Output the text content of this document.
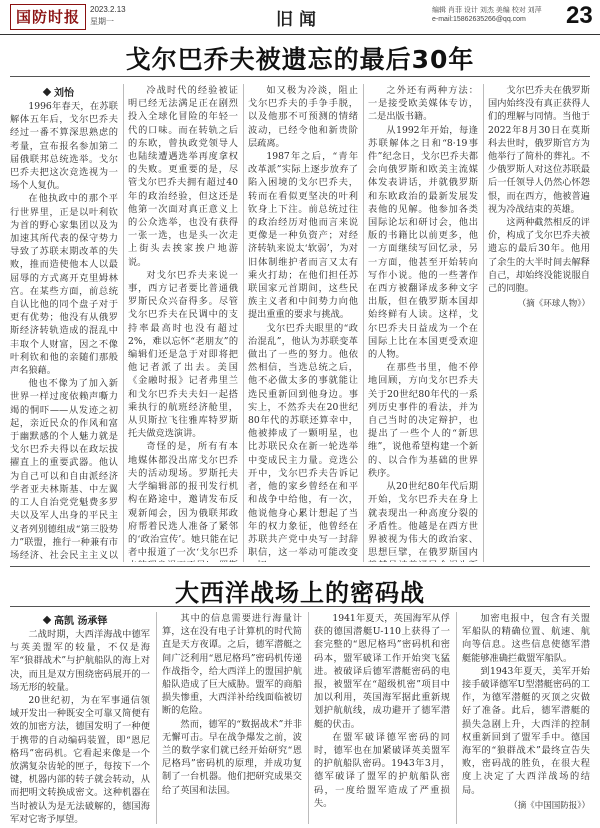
国防时报	2023.2.13
星期一	旧闻	编辑 肖菲 设计 刘杰 美编 校对 刘萍
e-mail:15862635266@qq.com 23
戈尔巴乔夫被遗忘的最后30年
刘怡

1996年春天，在苏联解体五年后，戈尔巴乔夫经过一番不算深思熟虑的考量，宣布报名参加第二届俄联邦总统选举。戈尔巴乔夫把这次竞选视为一场个人复仇。

在他执政中的那个平行世界里，正是以叶利钦为首的野心家集团以及为加速其所代表的保守势力导致了苏联末期改革的失败，推而造使他本人以最屈辱的方式离开克里姆林宫。在某些方面，前总统自认比他的同个盘子对于更有优势；他没有从俄罗斯经济转轨造成的混乱中丰取个人财富，因之不像叶利钦和他的亲随们那般声名狼藉。

他也不像为了加入新世界一样过度依赖声嘶力竭的恫吓——从发迹之初起，亲近民众的作风和富于幽默感的个人魅力就是戈尔巴乔夫得以在政坛拔擢直上的重要武器。他认为自己可以和自由派经济学者亚夫林斯基、中左翼的工人自治党党魁费多罗夫以及军人出身的平民主义者列别德组成“第三股势力”联盟，推行一种兼有市场经济、社会民主主义以

冷战时代的经验被证明已经无法满足正在剧烈投入全球化冒险的年轻一代的口味。而在转轨之后的东欧，曾执政党领导人也陆续遭遇选举再度拿权的失败。更重要的是，尽管戈尔巴乔夫拥有超过40年的政治经验，但这还是他第一次面对真正意义上的公众选举，也没有获得一张一选，也是头一次走上街头去挨家挨户地游说。

对戈尔巴乔夫来说一事，西方记者要比普通俄罗斯民众兴奋得多。尽管戈尔巴乔夫在民调中的支持率最高时也没有超过2%，难以忘怀“老朋友”的编辑们还是急于对即将把他记者派了出去。美国《金融时报》记者弗里兰和戈尔巴乔夫夫妇一起搭乘执行的航班经济舱里，从贝斯拉飞往雅库特罗斯托夫做竞选演讲。

奇怪的是，所有有本地媒体都没出席戈尔巴乔夫的活动现场。罗斯托夫大学编辑部的报刊发行机构在路途中，邀请发布反观新闻会，因为俄联邦政府帮着民选人准备了紧邻的‘政治宣传’。她只能在记者中报道了一次‘戈尔巴乔

如又极为冷淡，阻止戈尔巴乔夫的手争手脱，以及他那不可预测的情绪波动，已经令他和新贵阶层疏离。

1987年之后，“青年改革派”实际上逐步放弃了陷入困境的戈尔巴乔夫，转而在看似更坚决的叶利钦身上下注。前总统过往的政治经历对他而言来说更像是一种负资产；对经济转轨来说太‘软弱’，为对旧体制维护者而言又太有乘火打劫；在他们担任苏联国家元首期间，这些民族主义者和中间势力向他提出重重的要求与挑战。

戈尔巴乔夫眼里的“政治混乱”，他认为苏联变革做出了一些的努力。他依然相信，当选总统之后，他不必做太多的事就能让选民重新回到他身边。事实上，不然乔夫在20世纪80年代的苏联还算幸中，他被捧成了一颗明星，也比苏联民众在新一轮选举中变成民主力量。竞选公开中，戈尔巴乔夫告诉记者，他的家乡曾经在和平和战争中给他，有一次，他说他身心累计想起了当年的权力象征，他曾经在苏联共产党中央写一封辞职信，这一举动可能改变

之外还有两种方法：一是接受欧美媒体专访，二是出版书籍。

从1992年开始，每逢苏联解体之日和“8·19事件”纪念日，戈尔巴乔夫都会向俄罗斯和欧美主流媒体发表讲话，并就俄罗斯和东欧政治的最新发展发表他的见解。他参加各类国际论坛和研讨会，他出版的书籍比以前更多，他一方面继续写回忆录，另一方面，他甚至开始转向写作小说。他的一些著作在西方被翻译成多种文字出版，但在俄罗斯本国却始终鲜有人读。这样，戈尔巴乔夫日益成为一个在国际上比在本国更受欢迎的人物。

在那些书里，他不停地回顾，方向戈尔巴乔夫关于20世纪80年代的一系列历史事件的看法，并为自己当时的决定辩护，也提出了一些个人的“新思维”，说他希望构建一个新的、以合作为基础的世界秩序。

从20世纪80年代后期开始，戈尔巴乔夫在身上就表现出一种高度分裂的矛盾性。他越是在西方世界被视为伟大的政治家、思想巨擘，在俄罗斯国内

戈尔巴乔夫在俄罗斯国内始终没有真正获得人们的理解与同情。当他于2022年8月30日在莫斯科去世时，俄罗斯官方为他举行了简朴的葬礼。不少俄罗斯人对这位苏联最后一任领导人仍然心怀怨恨，而在西方，他被普遍视为冷战结束的英雄。

这两种截然相反的评价，构成了戈尔巴乔夫被遗忘的最后30年。他用了余生的大半时间去解释自己，却始终没能说服自己的同胞。

（摘《环球人物》）

大西洋战场上的密码战
高凯 汤承铎

二战时期，大西洋海战中德军与英美盟军的较量，不仅是海军“狼群战术”与护航船队的海上对决，而且是双方围绕密码展开的一场无形的较量。

20世纪初，为在军事通信领域开发出一种既安全可靠又简便有效的加密方法，德国发明了一种便于携带的自动编码装置，即“恩尼格玛”密码机。它看起来像是一个放满复杂齿轮的匣子，每按下一个键，机器内部的转子就会转动，从而把明文转换成密文。这种机器在当时被认为是无法破解的，德国海军对它寄予厚望。

其中的信息需要进行海量计算，这在没有电子计算机的时代简直是天方夜谭。之后，德军潜艇之间广泛利用“恩尼格玛”密码机传递作战指令，给大西洋上的盟国护航船队造成了巨大威胁。盟军的商船损失惨重，大西洋补给线面临被切断的危险。

然而，德军的“数据战术”并非无懈可击。早在战争爆发之前，波兰的数学家们就已经开始研究“恩尼格玛”密码机的原理，并成功复制了一台机器。他们把研究成果交给了英国和法国。

1941年夏天，英国海军从俘获的德国潜艇U-110上获得了一套完整的“恩尼格玛”密码机和密码本，盟军破译工作开始突飞猛进。被破译后德军潜艇密码的电报，被盟军在“超级机密”项目中加以利用，英国海军据此重新规划护航航线，成功避开了德军潜艇的伏击。

在盟军破译德军密码的同时，德军也在加紧破译英美盟军的护航船队密码。1943年3月，德军破译了盟军的护航船队密码，一度给盟军造成了严重损失。

加密电报中，包含有关盟军船队的精确位置、航速、航向等信息。这些信息使德军潜艇能够准确拦截盟军船队。

到1943年夏天，美军开始接手破译德军U型潜艇密码的工作，为德军潜艇的灭顶之灾做好了准备。此后，德军潜艇的损失急剧上升，大西洋的控制权重新回到了盟军手中。德国海军的“狼群战术”最终宣告失败，密码战的胜负，在很大程度上决定了大西洋战场的结局。

（摘《中国国防报》）
